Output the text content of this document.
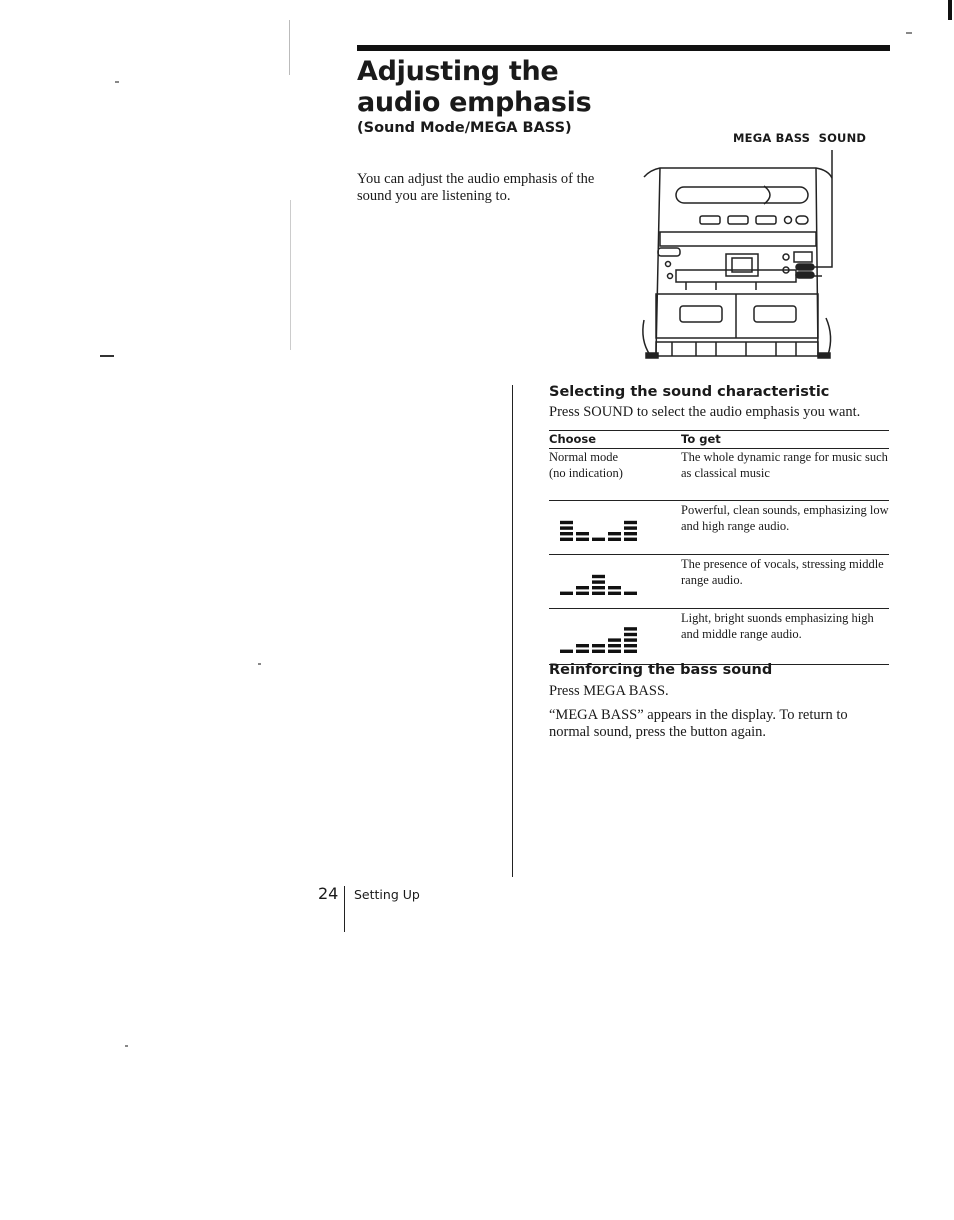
Adjusting the
audio emphasis
(Sound Mode/MEGA BASS)
You can adjust the audio emphasis of the sound you are listening to.
MEGA BASS SOUND
Selecting the sound characteristic
Press SOUND to select the audio emphasis you want.
Choose	To get
Normal mode
(no indication)	The whole dynamic range for music such as classical music
	Powerful, clean sounds, emphasizing low and high range audio.
	The presence of vocals, stressing middle range audio.
	Light, bright suonds emphasizing high and middle range audio.
Reinforcing the bass sound
Press MEGA BASS.
“MEGA BASS” appears in the display. To return to normal sound, press the button again.
24 Setting Up
